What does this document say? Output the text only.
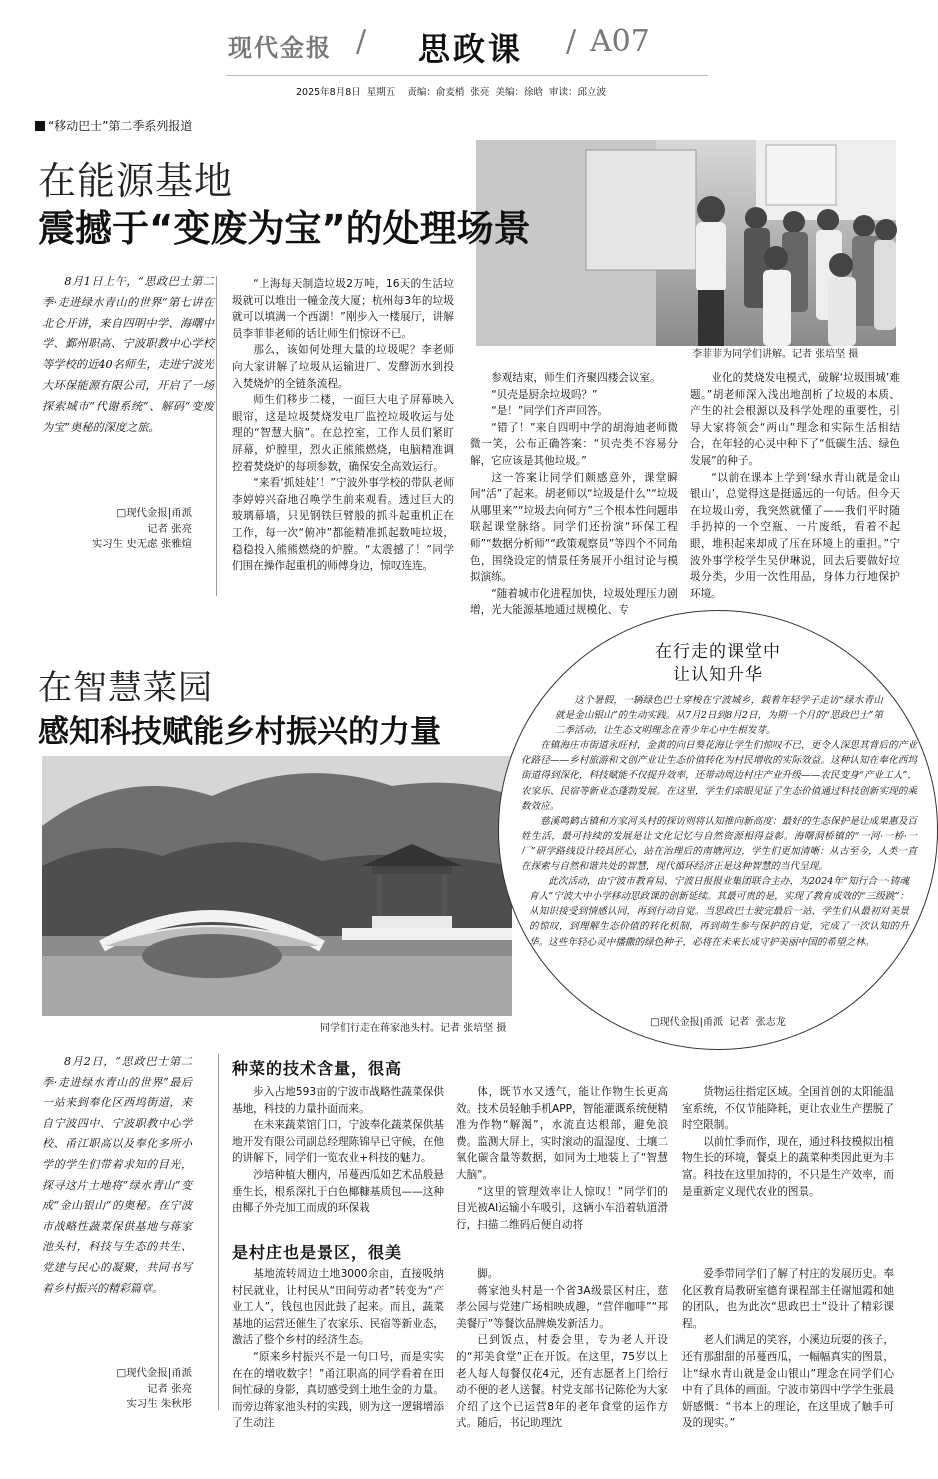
现代金报 / 思政课 / A07
2025年8月8日  星期五    责编：俞麦梢  张亮  美编：徐晗  审读：邱立波
“移动巴士”第二季系列报道
在能源基地
震撼于“变废为宝”的处理场景
李菲菲为同学们讲解。记者 张培坚 摄

8月1日上午，“思政巴士第二季·走进绿水青山的世界”第七讲在北仑开讲，来自四明中学、海曙中学、鄞州职高、宁波职教中心学校等学校的近40名师生，走进宁波光大环保能源有限公司，开启了一场探索城市“代谢系统”、解码“变废为宝”奥秘的深度之旅。

□现代金报|甬派
记者 张亮
实习生 史无虑 张雅煊

“上海每天制造垃圾2万吨，16天的生活垃圾就可以堆出一幢金茂大厦；杭州每3年的垃圾就可以填满一个西湖！”刚步入一楼展厅，讲解员李菲菲老师的话让师生们惊讶不已。

那么，该如何处理大量的垃圾呢？李老师向大家讲解了垃圾从运输进厂、发酵沥水到投入焚烧炉的全链条流程。

师生们移步二楼，一面巨大电子屏幕映入眼帘，这是垃圾焚烧发电厂监控垃圾收运与处理的“智慧大脑”。在总控室，工作人员们紧盯屏幕，炉膛里，烈火正熊熊燃烧，电脑精准调控着焚烧炉的每项参数，确保安全高效运行。

“来看‘抓娃娃’！”宁波外事学校的带队老师李婷婷兴奋地召唤学生前来观看。透过巨大的玻璃幕墙，只见钢铁巨臂般的抓斗起重机正在工作，每一次“俯冲”都能精准抓起数吨垃圾，稳稳投入熊熊燃烧的炉膛。“太震撼了！”同学们围在操作起重机的师傅身边，惊叹连连。

参观结束，师生们齐聚四楼会议室。

“贝壳是厨余垃圾吗？”

“是！”同学们齐声回答。

“错了！”来自四明中学的胡海迪老师微微一笑，公布正确答案：“贝壳类不容易分解，它应该是其他垃圾。”

这一答案让同学们颇感意外，课堂瞬间“活”了起来。胡老师以“垃圾是什么”“垃圾从哪里来”“垃圾去向何方”三个根本性问题串联起课堂脉络。同学们还扮演“环保工程师”“数据分析师”“政策观察员”等四个不同角色，围绕设定的情景任务展开小组讨论与模拟演练。

“随着城市化进程加快，垃圾处理压力剧增，光大能源基地通过规模化、专

业化的焚烧发电模式，破解‘垃圾围城’难题。”胡老师深入浅出地剖析了垃圾的本质、产生的社会根源以及科学处理的重要性，引导大家将领会“两山”理念和实际生活相结合，在年轻的心灵中种下了“低碳生活、绿色发展”的种子。

“以前在课本上学到‘绿水青山就是金山银山’，总觉得这是挺遥远的一句话。但今天在垃圾山旁，我突然就懂了——我们平时随手扔掉的一个空瓶、一片废纸，看着不起眼，堆积起来却成了压在环境上的重担。”宁波外事学校学生吴伊琳说，回去后要做好垃圾分类，少用一次性用品，身体力行地保护环境。

在智慧菜园
感知科技赋能乡村振兴的力量
同学们行走在蒋家池头村。记者 张培坚 摄
在行走的课堂中
让认知升华

这个暑假，一辆绿色巴士穿梭在宁波城乡，载着年轻学子走访“绿水青山就是金山银山”的生动实践。从7月2日到8月2日，为期一个月的“思政巴士”第二季活动，让生态文明理念在青少年心中生根发芽。

在镇海庄市街道永旺村，金黄的向日葵花海让学生们惊叹不已，更令人深思其背后的产业化路径——乡村旅游和文创产业让生态价值转化为村民增收的实际效益。这种认知在奉化西坞街道得到深化，科技赋能不仅提升效率，还带动周边村庄产业升级——农民变身“产业工人”，农家乐、民宿等新业态蓬勃发展。在这里，学生们亲眼见证了生态价值通过科技创新实现的乘数效应。

慈溪鸣鹤古镇和方家河头村的探访则将认知推向新高度：最好的生态保护是让成果惠及百姓生活，最可持续的发展是让文化记忆与自然资源相得益彰。海曙洞桥镇的“一河·一桥·一厂”研学路线设计较具匠心，站在治理后的南塘河边，学生们更加清晰：从古至今，人类一直在探索与自然和谐共处的智慧，现代循环经济正是这种智慧的当代呈现。

此次活动，由宁波市教育局、宁波日报报业集团联合主办，为2024年“知行合一·铸魂育人”宁波大中小学移动思政课的创新延续。其最可贵的是，实现了教育成效的“三级跳”：从知识接受到情感认同，再到行动自觉。当思政巴士驶完最后一站，学生们从最初对美景的惊叹，到理解生态价值的转化机制，再到萌生参与保护的自觉，完成了一次认知的升华。这些年轻心灵中播撒的绿色种子，必将在未来长成守护美丽中国的希望之林。

□现代金报|甬派  记者  张志龙

8月2日，“思政巴士第二季·走进绿水青山的世界”最后一站来到奉化区西坞街道，来自宁波四中、宁波职教中心学校、甬江职高以及奉化多所小学的学生们带着求知的目光，探寻这片土地将“绿水青山”变成“金山银山”的奥秘。在宁波市战略性蔬菜保供基地与蒋家池头村，科技与生态的共生、党建与民心的凝聚，共同书写着乡村振兴的精彩篇章。

□现代金报|甬派
记者 张亮
实习生 朱秋彤
种菜的技术含量，很高

步入占地593亩的宁波市战略性蔬菜保供基地，科技的力量扑面而来。

在未来蔬菜馆门口，宁波奉化蔬菜保供基地开发有限公司副总经理陈锦早已守候，在他的讲解下，同学们一览农业+科技的魅力。

沙培种植大棚内，吊蔓西瓜如艺术品般悬垂生长，根系深扎于白色椰糠基质包——这种由椰子外壳加工而成的环保栽

体，既节水又透气，能让作物生长更高效。技术员轻触手机APP，智能灌溉系统便精准为作物“解渴”，水流直达根部，避免浪费。监测大屏上，实时滚动的温湿度、土壤二氧化碳含量等数据，如同为土地装上了“智慧大脑”。

“这里的管理效率让人惊叹！”同学们的目光被AI运输小车吸引，这辆小车沿着轨道滑行，扫描二维码后便自动将

货物运往指定区域。全国首创的太阳能温室系统，不仅节能降耗，更让农业生产摆脱了时空限制。

以前忙季而作，现在，通过科技模拟出植物生长的环境，餐桌上的蔬菜种类因此更为丰富。科技在这里加持的，不只是生产效率，而是重新定义现代农业的图景。

是村庄也是景区，很美

基地流转周边土地3000余亩，直接吸纳村民就业，让村民从“田间劳动者”转变为“产业工人”，钱包也因此鼓了起来。而且，蔬菜基地的运营还催生了农家乐、民宿等新业态，激活了整个乡村的经济生态。

“原来乡村振兴不是一句口号，而是实实在在的增收数字！”甬江职高的同学看着在田间忙碌的身影，真切感受到土地生金的力量。而旁边蒋家池头村的实践，则为这一逻辑增添了生动注

脚。

蒋家池头村是一个省3A级景区村庄，慈孝公园与党建广场相映成趣，“营伴咖啡”“邦美餐厅”等餐饮品牌焕发新活力。

已到饭点，村委会里，专为老人开设的“邦美食堂”正在开饭。在这里，75岁以上老人每人每餐仅花4元，还有志愿者上门给行动不便的老人送餐。村党支部书记陈伦为大家介绍了这个已运营8年的老年食堂的运作方式。随后，书记助理沈

爱季带同学们了解了村庄的发展历史。奉化区教育局教研室德育课程部主任谢旭霞和她的团队，也为此次“思政巴士”设计了精彩课程。

老人们满足的笑容，小溪边玩耍的孩子，还有那甜甜的吊蔓西瓜，一幅幅真实的图景，让“绿水青山就是金山银山”理念在同学们心中有了具体的画面。宁波市第四中学学生张晨妍感慨：“书本上的理论，在这里成了触手可及的现实。”
